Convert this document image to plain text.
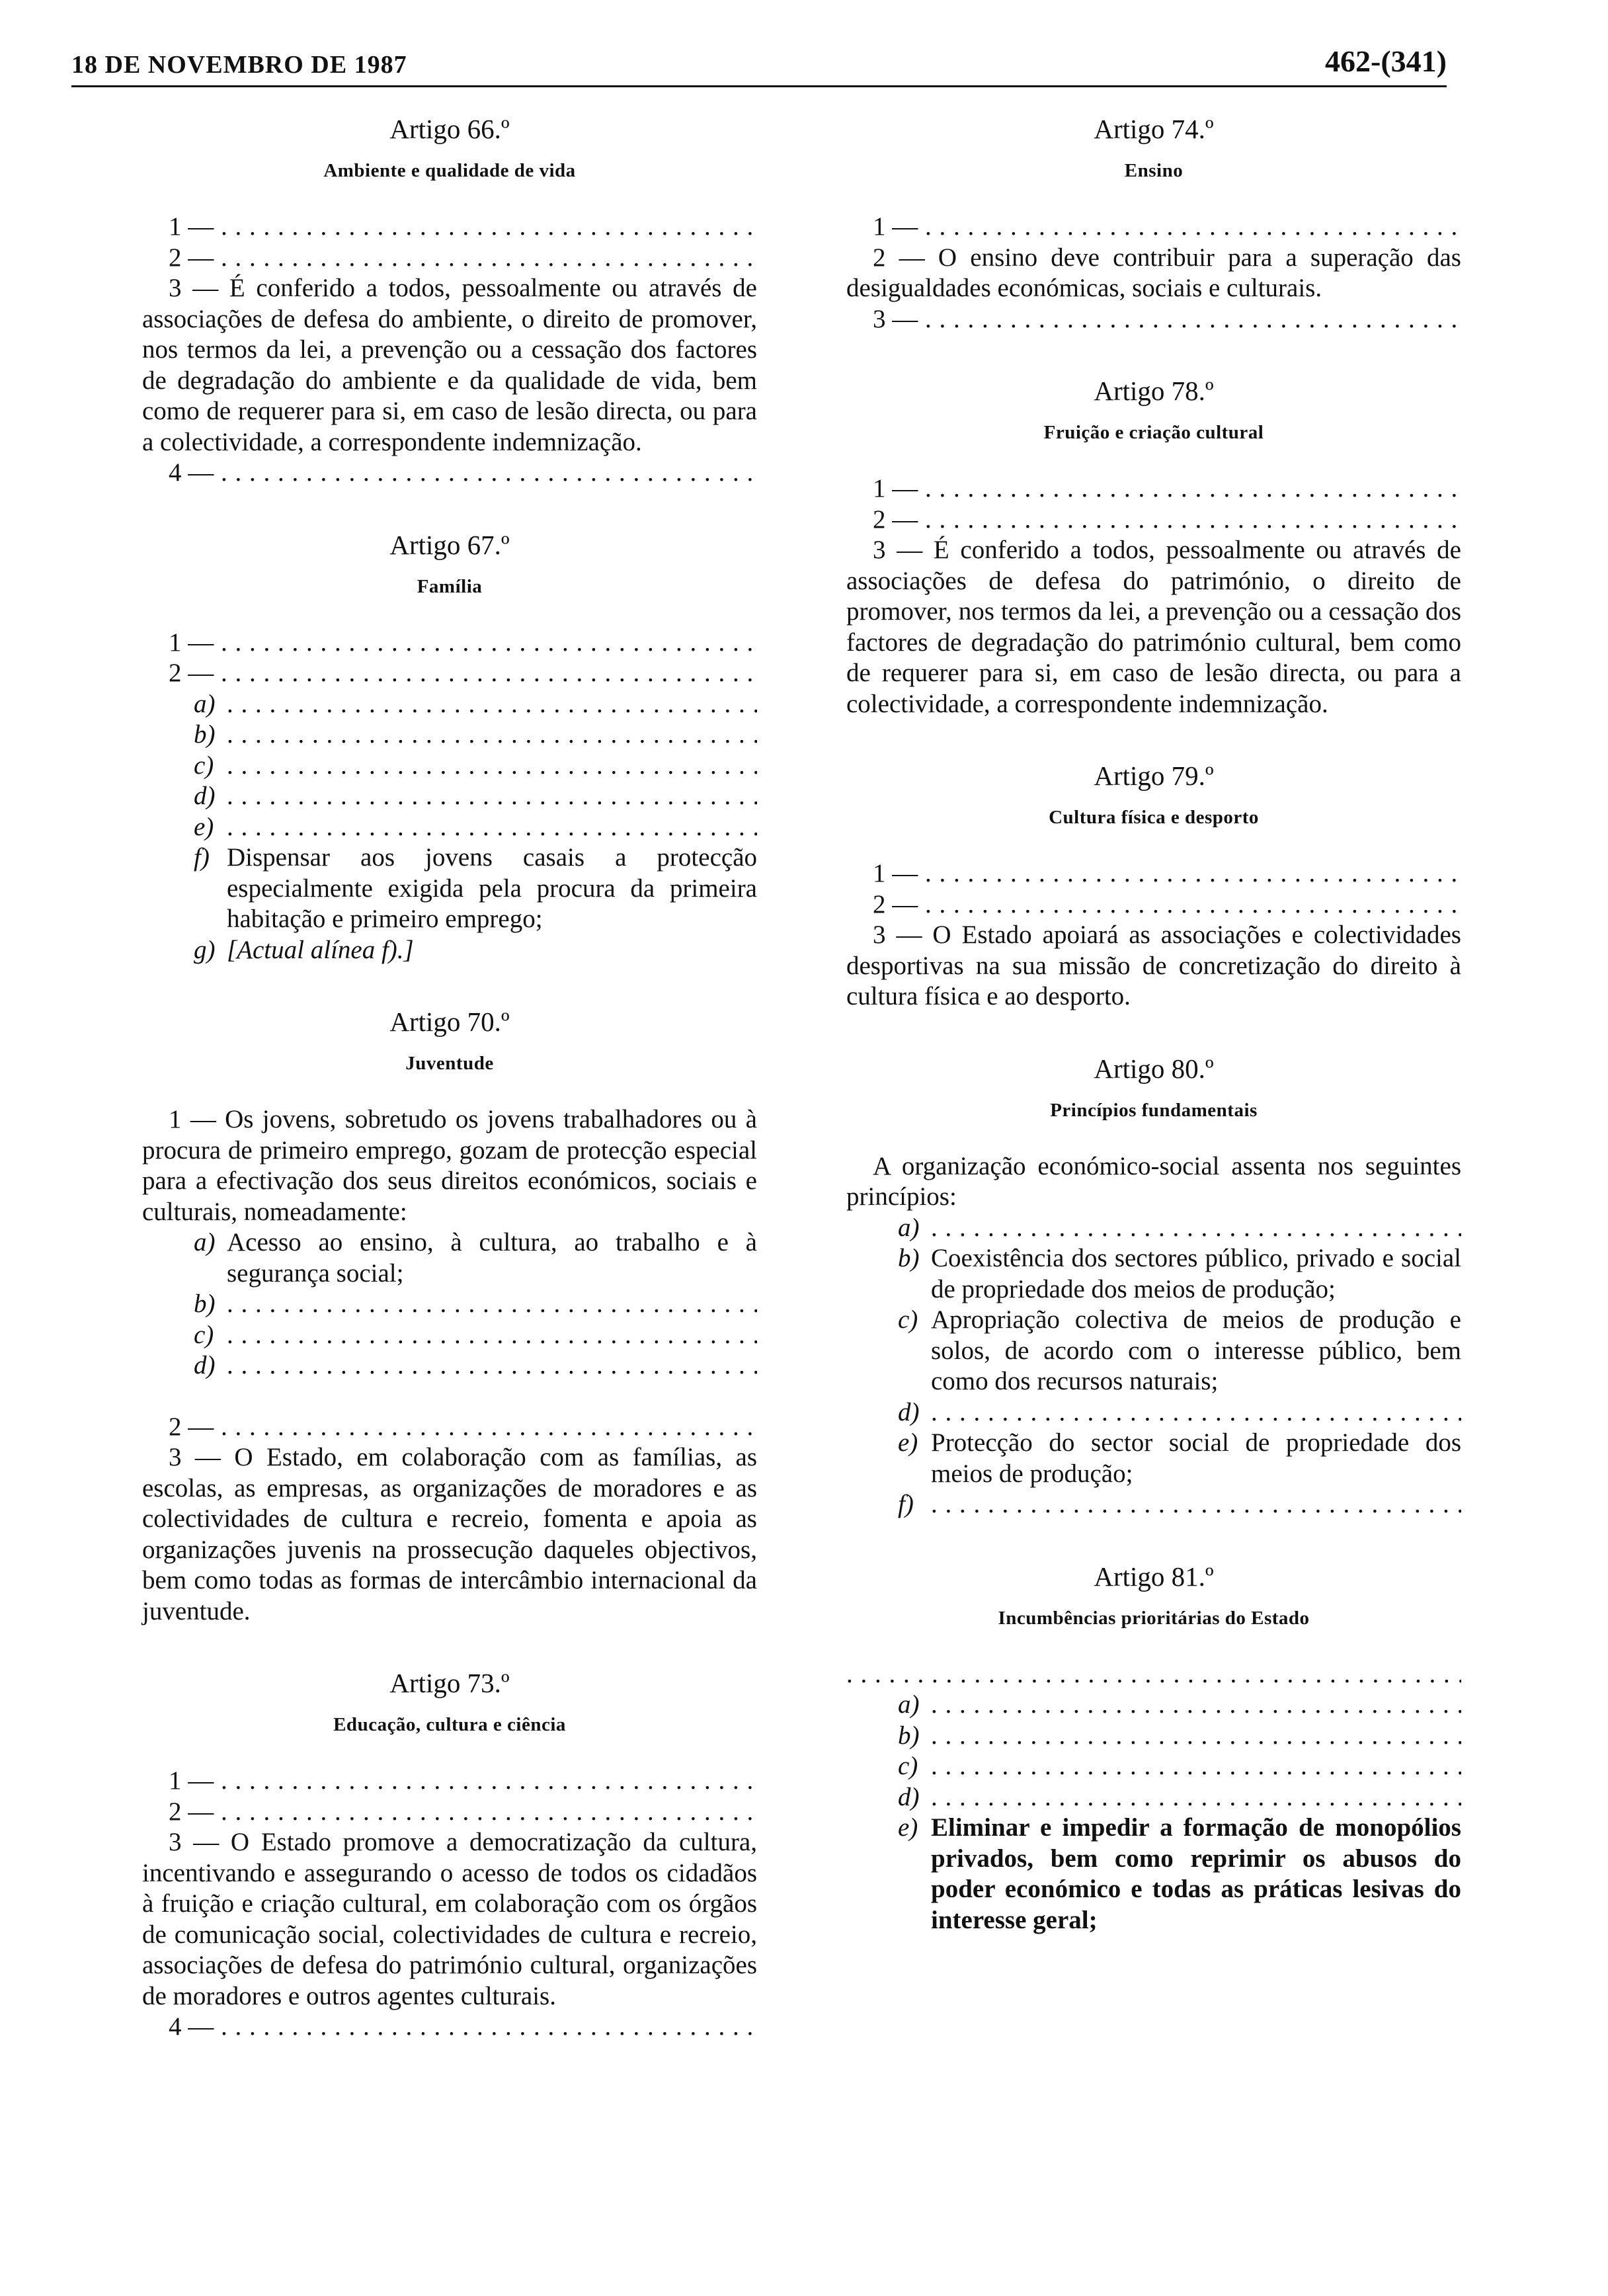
18 DE NOVEMBRO DE 1987	462-(341)
Artigo 66.º
Ambiente e qualidade de vida
1 — . . .
2 — . . .
3 — É conferido a todos, pessoalmente ou através de associações de defesa do ambiente, o direito de promover, nos termos da lei, a prevenção ou a cessação dos factores de degradação do ambiente e da qualidade de vida, bem como de requerer para si, em caso de lesão directa, ou para a colectividade, a correspondente indemnização.
4 — . . .
Artigo 67.º
Família
1 — . . .
2 — . . .
a)
. . .
b)
. . .
c)
. . .
d)
. . .
e)
. . .
f) Dispensar aos jovens casais a protecção especialmente exigida pela procura da primeira habitação e primeiro emprego;
g) [Actual alínea f).]
Artigo 70.º
Juventude
1 — Os jovens, sobretudo os jovens trabalhadores ou à procura de primeiro emprego, gozam de protecção especial para a efectivação dos seus direitos económicos, sociais e culturais, nomeadamente:
a) Acesso ao ensino, à cultura, ao trabalho e à segurança social;
b)
. . .
c)
. . .
d)
. . .
2 — . . .
3 — O Estado, em colaboração com as famílias, as escolas, as empresas, as organizações de moradores e as colectividades de cultura e recreio, fomenta e apoia as organizações juvenis na prossecução daqueles objectivos, bem como todas as formas de intercâmbio internacional da juventude.
Artigo 73.º
Educação, cultura e ciência
1 — . . .
2 — . . .
3 — O Estado promove a democratização da cultura, incentivando e assegurando o acesso de todos os cidadãos à fruição e criação cultural, em colaboração com os órgãos de comunicação social, colectividades de cultura e recreio, associações de defesa do património cultural, organizações de moradores e outros agentes culturais.
4 — . . .
Artigo 74.º
Ensino
1 — . . .
2 — O ensino deve contribuir para a superação das desigualdades económicas, sociais e culturais.
3 — . . .
Artigo 78.º
Fruição e criação cultural
1 — . . .
2 — . . .
3 — É conferido a todos, pessoalmente ou através de associações de defesa do património, o direito de promover, nos termos da lei, a prevenção ou a cessação dos factores de degradação do património cultural, bem como de requerer para si, em caso de lesão directa, ou para a colectividade, a correspondente indemnização.
Artigo 79.º
Cultura física e desporto
1 — . . .
2 — . . .
3 — O Estado apoiará as associações e colectividades desportivas na sua missão de concretização do direito à cultura física e ao desporto.
Artigo 80.º
Princípios fundamentais
A organização económico-social assenta nos seguintes princípios:
a)
. . .
b) Coexistência dos sectores público, privado e social de propriedade dos meios de produção;
c) Apropriação colectiva de meios de produção e solos, de acordo com o interesse público, bem como dos recursos naturais;
d)
. . .
e) Protecção do sector social de propriedade dos meios de produção;
f)
. . .
Artigo 81.º
Incumbências prioritárias do Estado
. . .
a)
. . .
b)
. . .
c)
. . .
d)
. . .
e) Eliminar e impedir a formação de monopólios privados, bem como reprimir os abusos do poder económico e todas as práticas lesivas do interesse geral;
